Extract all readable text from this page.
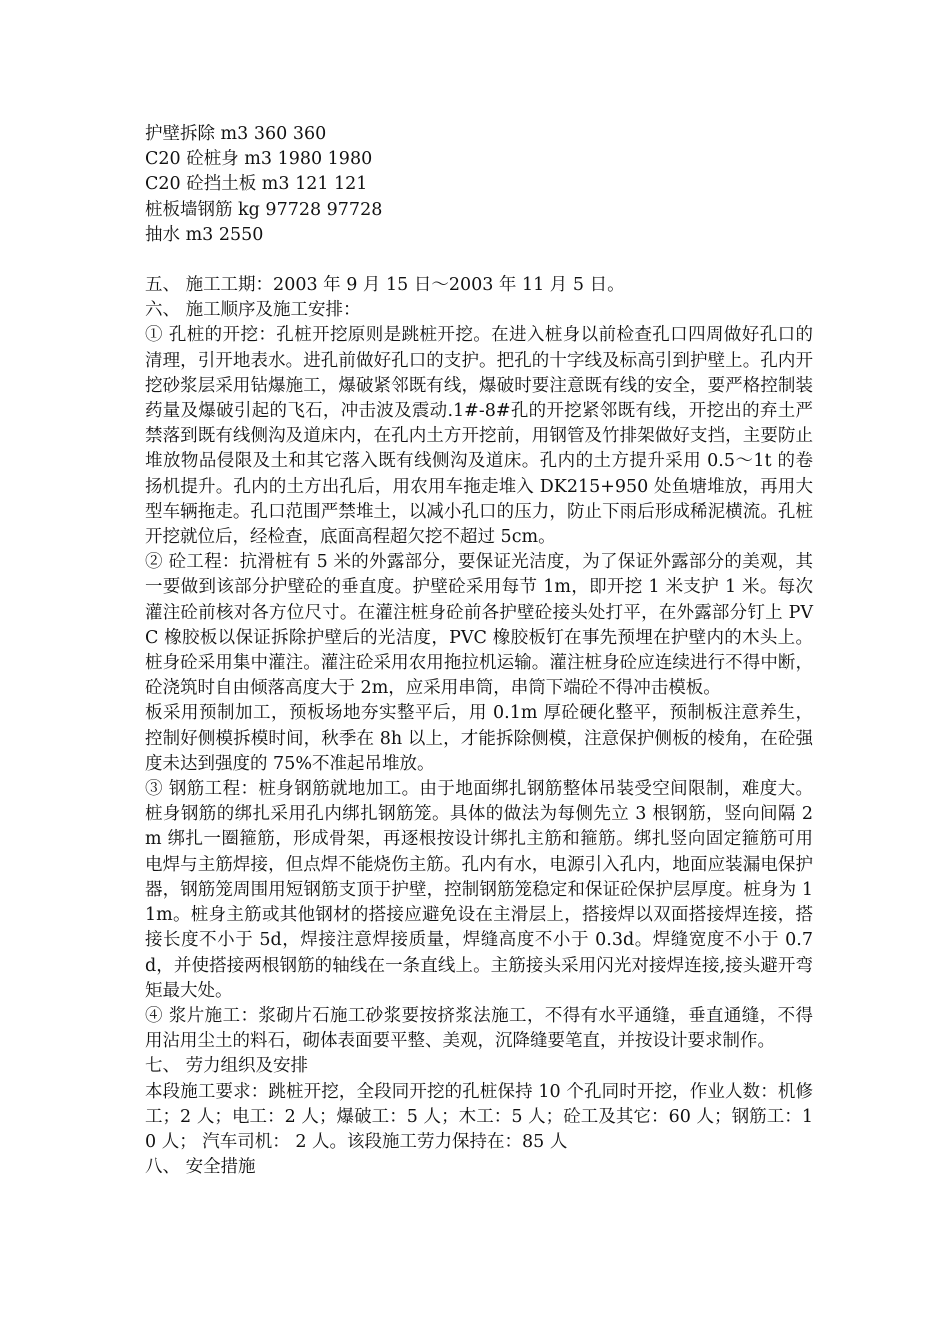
护壁拆除 m3 360 360

C20 砼桩身 m3 1980 1980

C20 砼挡土板 m3 121 121

桩板墙钢筋 kg 97728 97728

抽水 m3 2550

五、 施工工期：2003 年 9 月 15 日～2003 年 11 月 5 日。

六、 施工顺序及施工安排：

① 孔桩的开挖：孔桩开挖原则是跳桩开挖。在进入桩身以前检查孔口四周做好孔口的清理，引开地表水。进孔前做好孔口的支护。把孔的十字线及标高引到护壁上。孔内开挖砂浆层采用钻爆施工，爆破紧邻既有线，爆破时要注意既有线的安全，要严格控制装药量及爆破引起的飞石，冲击波及震动.1#-8#孔的开挖紧邻既有线，开挖出的弃土严禁落到既有线侧沟及道床内，在孔内土方开挖前，用钢管及竹排架做好支挡，主要防止堆放物品侵限及土和其它落入既有线侧沟及道床。孔内的土方提升采用 0.5～1t 的卷扬机提升。孔内的土方出孔后，用农用车拖走堆入 DK215+950 处鱼塘堆放，再用大型车辆拖走。孔口范围严禁堆土，以减小孔口的压力，防止下雨后形成稀泥横流。孔桩开挖就位后，经检查，底面高程超欠挖不超过 5cm。

② 砼工程：抗滑桩有 5 米的外露部分，要保证光洁度，为了保证外露部分的美观，其一要做到该部分护壁砼的垂直度。护壁砼采用每节 1m，即开挖 1 米支护 1 米。每次灌注砼前核对各方位尺寸。在灌注桩身砼前各护壁砼接头处打平，在外露部分钉上 PVC 橡胶板以保证拆除护壁后的光洁度，PVC 橡胶板钉在事先预埋在护壁内的木头上。桩身砼采用集中灌注。灌注砼采用农用拖拉机运输。灌注桩身砼应连续进行不得中断，砼浇筑时自由倾落高度大于 2m，应采用串筒，串筒下端砼不得冲击模板。

板采用预制加工，预板场地夯实整平后，用 0.1m 厚砼硬化整平，预制板注意养生，控制好侧模拆模时间，秋季在 8h 以上，才能拆除侧模，注意保护侧板的棱角，在砼强度未达到强度的 75%不准起吊堆放。

③ 钢筋工程：桩身钢筋就地加工。由于地面绑扎钢筋整体吊装受空间限制，难度大。桩身钢筋的绑扎采用孔内绑扎钢筋笼。具体的做法为每侧先立 3 根钢筋，竖向间隔 2m 绑扎一圈箍筋，形成骨架，再逐根按设计绑扎主筋和箍筋。绑扎竖向固定箍筋可用电焊与主筋焊接，但点焊不能烧伤主筋。孔内有水，电源引入孔内，地面应装漏电保护器，钢筋笼周围用短钢筋支顶于护壁，控制钢筋笼稳定和保证砼保护层厚度。桩身为 11m。桩身主筋或其他钢材的搭接应避免设在主滑层上，搭接焊以双面搭接焊连接，搭接长度不小于 5d，焊接注意焊接质量，焊缝高度不小于 0.3d。焊缝宽度不小于 0.7d，并使搭接两根钢筋的轴线在一条直线上。主筋接头采用闪光对接焊连接,接头避开弯矩最大处。

④ 浆片施工：浆砌片石施工砂浆要按挤浆法施工，不得有水平通缝，垂直通缝，不得用沾用尘土的料石，砌体表面要平整、美观，沉降缝要笔直，并按设计要求制作。

七、 劳力组织及安排

本段施工要求：跳桩开挖，全段同开挖的孔桩保持 10 个孔同时开挖，作业人数：机修工；2 人；电工：2 人；爆破工：5 人；木工：5 人；砼工及其它：60 人；钢筋工：10 人； 汽车司机： 2 人。该段施工劳力保持在：85 人

八、 安全措施
